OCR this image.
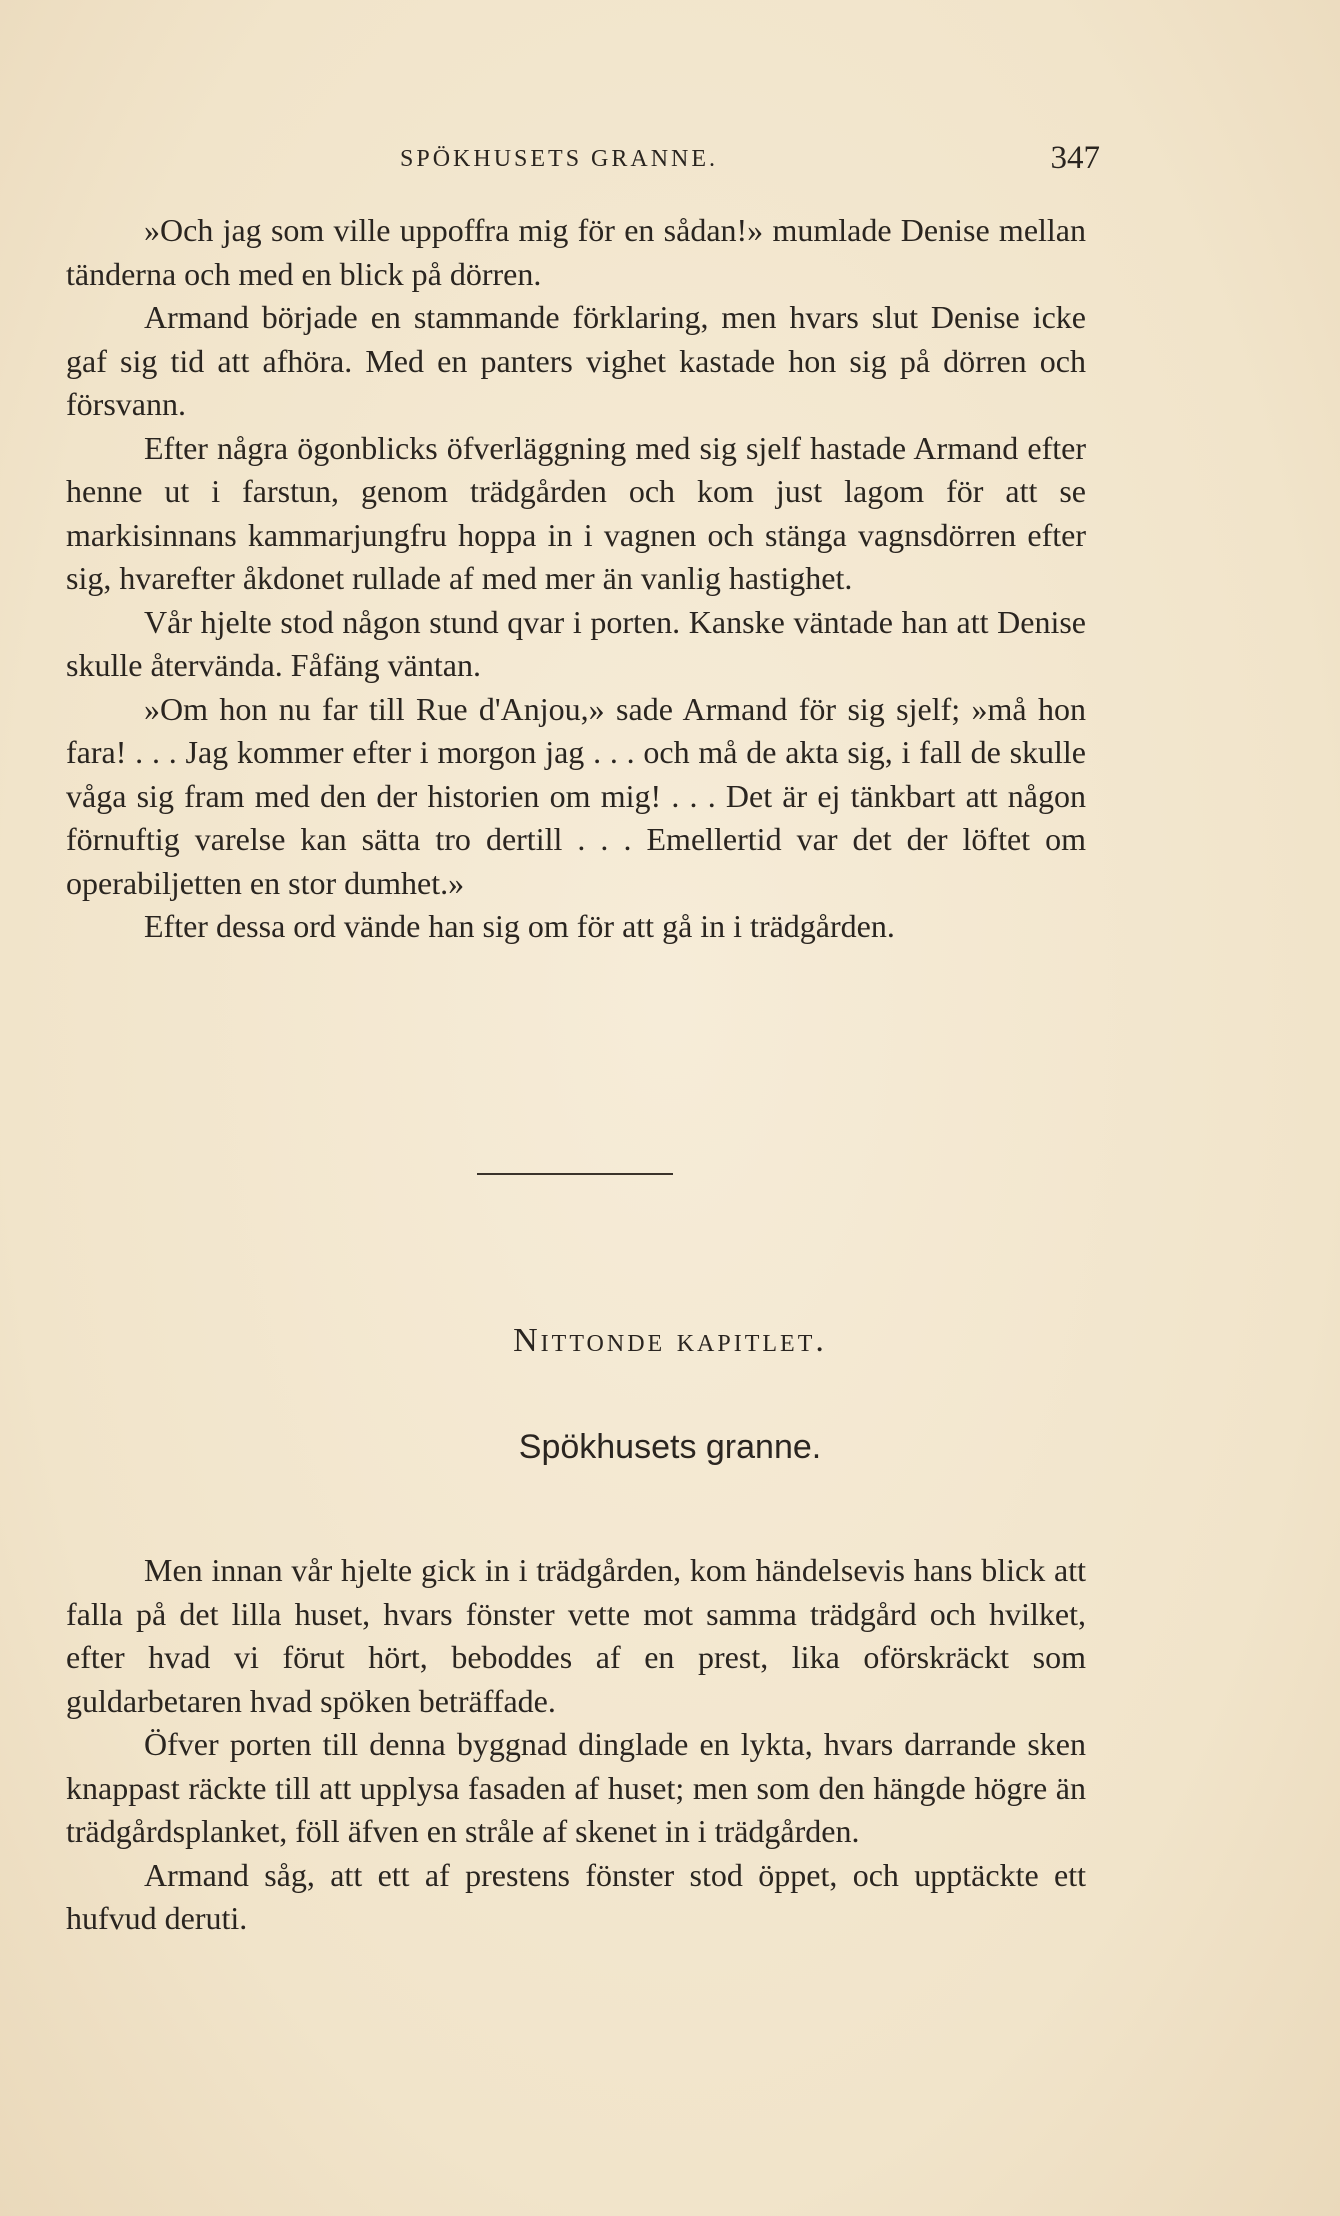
SPÖKHUSETS GRANNE.	347

»Och jag som ville uppoffra mig för en sådan!» mumlade Denise mellan tänderna och med en blick på dörren.

Armand började en stammande förklaring, men hvars slut Denise icke gaf sig tid att afhöra. Med en panters vighet kastade hon sig på dörren och försvann.

Efter några ögonblicks öfverläggning med sig sjelf hastade Armand efter henne ut i farstun, genom trädgården och kom just lagom för att se markisinnans kammarjungfru hoppa in i vagnen och stänga vagnsdörren efter sig, hvarefter åkdonet rullade af med mer än vanlig hastighet.

Vår hjelte stod någon stund qvar i porten. Kanske väntade han att Denise skulle återvända. Fåfäng väntan.

»Om hon nu far till Rue d'Anjou,» sade Armand för sig sjelf; »må hon fara! . . . Jag kommer efter i morgon jag . . . och må de akta sig, i fall de skulle våga sig fram med den der historien om mig! . . . Det är ej tänkbart att någon förnuftig varelse kan sätta tro dertill . . . Emellertid var det der löftet om operabiljetten en stor dumhet.»

Efter dessa ord vände han sig om för att gå in i trädgården.

Nittonde kapitlet.
Spökhusets granne.

Men innan vår hjelte gick in i trädgården, kom händelsevis hans blick att falla på det lilla huset, hvars fönster vette mot samma trädgård och hvilket, efter hvad vi förut hört, beboddes af en prest, lika oförskräckt som guldarbetaren hvad spöken beträffade.

Öfver porten till denna byggnad dinglade en lykta, hvars darrande sken knappast räckte till att upplysa fasaden af huset; men som den hängde högre än trädgårdsplanket, föll äfven en stråle af skenet in i trädgården.

Armand såg, att ett af prestens fönster stod öppet, och upptäckte ett hufvud deruti.
